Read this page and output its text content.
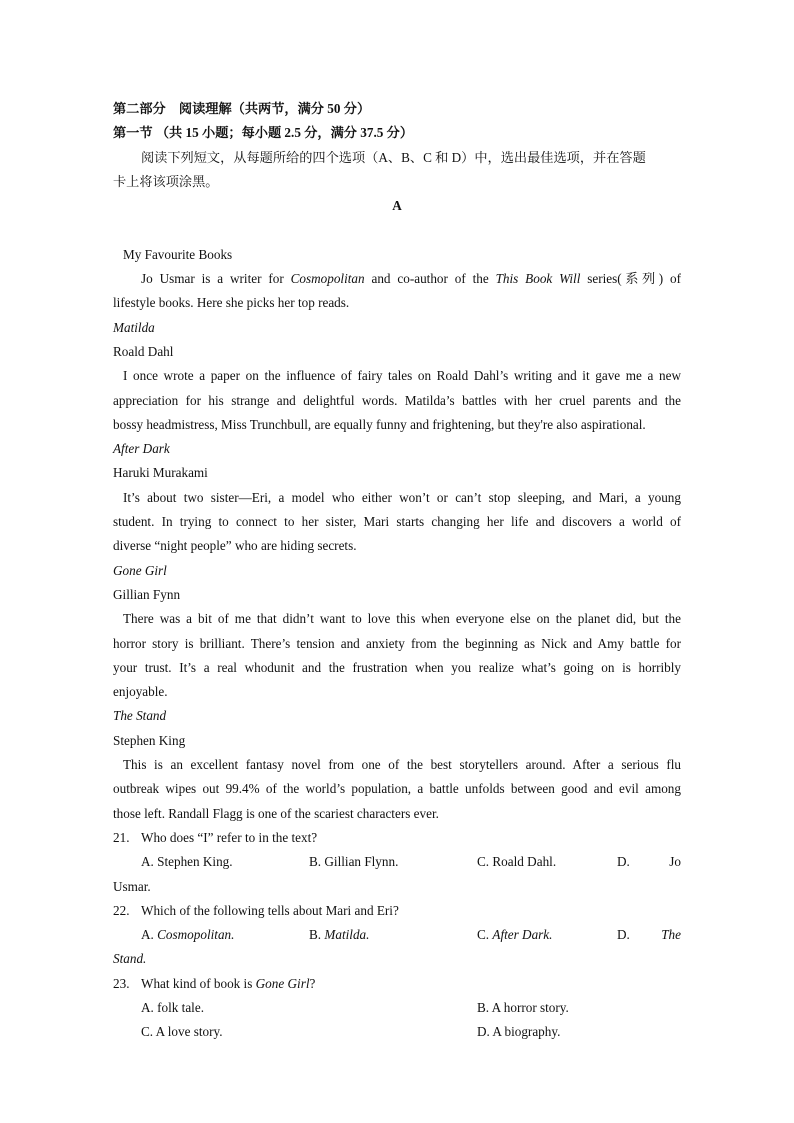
第二部分　阅读理解（共两节，满分 50 分）
第一节 （共 15 小题；每小题 2.5 分，满分 37.5 分）
阅读下列短文，从每题所给的四个选项（A、B、C 和 D）中，选出最佳选项，并在答题
卡上将该项涂黑。
A
My Favourite Books
Jo Usmar is a writer for Cosmopolitan and co-author of the This Book Will series(系列) of
lifestyle books. Here she picks her top reads.
Matilda
Roald Dahl
I once wrote a paper on the influence of fairy tales on Roald Dahl’s writing and it gave me a new
appreciation for his strange and delightful words. Matilda’s battles with her cruel parents and the
bossy headmistress, Miss Trunchbull, are equally funny and frightening, but they're also aspirational.
After Dark
Haruki Murakami
It’s about two sister—Eri, a model who either won’t or can’t stop sleeping, and Mari, a young
student. In trying to connect to her sister, Mari starts changing her life and discovers a world of
diverse “night people” who are hiding secrets.
Gone Girl
Gillian Fynn
There was a bit of me that didn’t want to love this when everyone else on the planet did, but the
horror story is brilliant. There’s tension and anxiety from the beginning as Nick and Amy battle for
your trust. It’s a real whodunit and the frustration when you realize what’s going on is horribly
enjoyable.
The Stand
Stephen King
This is an excellent fantasy novel from one of the best storytellers around. After a serious flu
outbreak wipes out 99.4% of the world’s population, a battle unfolds between good and evil among
those left. Randall Flagg is one of the scariest characters ever.
21. Who does “I” refer to in the text?
A. Stephen King.	B. Gillian Flynn.	C. Roald Dahl.	D.	Jo
Usmar.
22. Which of the following tells about Mari and Eri?
A. Cosmopolitan.	B. Matilda.	C. After Dark.	D. The
Stand.
23. What kind of book is Gone Girl?
A. folk tale.	B. A horror story.
C. A love story.	D. A biography.
